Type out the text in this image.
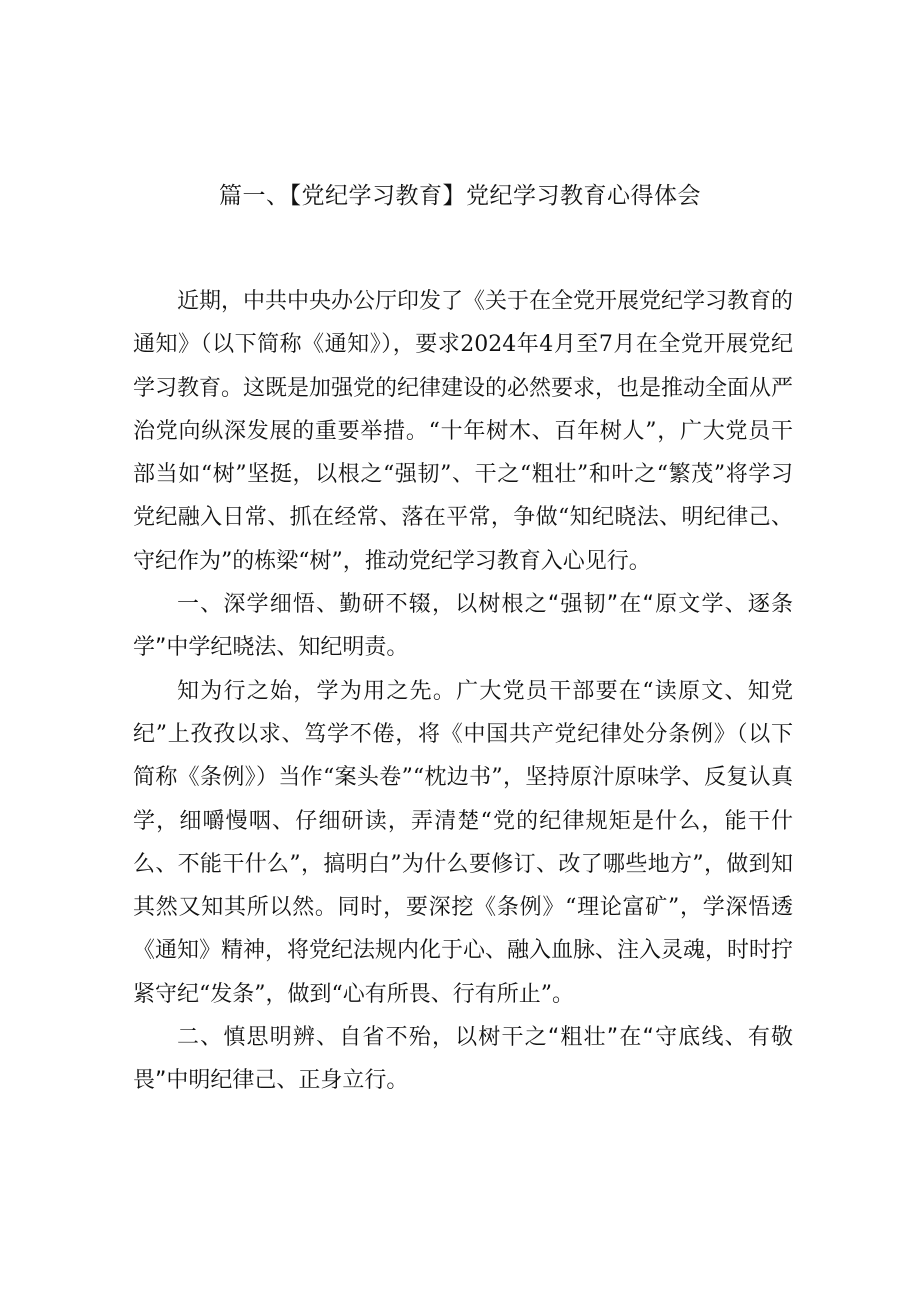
篇一、【党纪学习教育】党纪学习教育心得体会

近期，中共中央办公厅印发了《关于在全党开展党纪学习教育的通知》（以下简称《通知》），要求2024年4月至7月在全党开展党纪学习教育。这既是加强党的纪律建设的必然要求，也是推动全面从严治党向纵深发展的重要举措。“十年树木、百年树人”，广大党员干部当如“树”坚挺，以根之“强韧”、干之“粗壮”和叶之“繁茂”将学习党纪融入日常、抓在经常、落在平常，争做“知纪晓法、明纪律己、守纪作为”的栋梁“树”，推动党纪学习教育入心见行。

一、深学细悟、勤研不辍，以树根之“强韧”在“原文学、逐条学”中学纪晓法、知纪明责。

知为行之始，学为用之先。广大党员干部要在“读原文、知党纪”上孜孜以求、笃学不倦，将《中国共产党纪律处分条例》（以下简称《条例》）当作“案头卷”“枕边书”，坚持原汁原味学、反复认真学，细嚼慢咽、仔细研读，弄清楚“党的纪律规矩是什么，能干什么、不能干什么”，搞明白”为什么要修订、改了哪些地方”，做到知其然又知其所以然。同时，要深挖《条例》“理论富矿”，学深悟透《通知》精神，将党纪法规内化于心、融入血脉、注入灵魂，时时拧紧守纪“发条”，做到“心有所畏、行有所止”。

二、慎思明辨、自省不殆，以树干之“粗壮”在“守底线、有敬畏”中明纪律己、正身立行。
